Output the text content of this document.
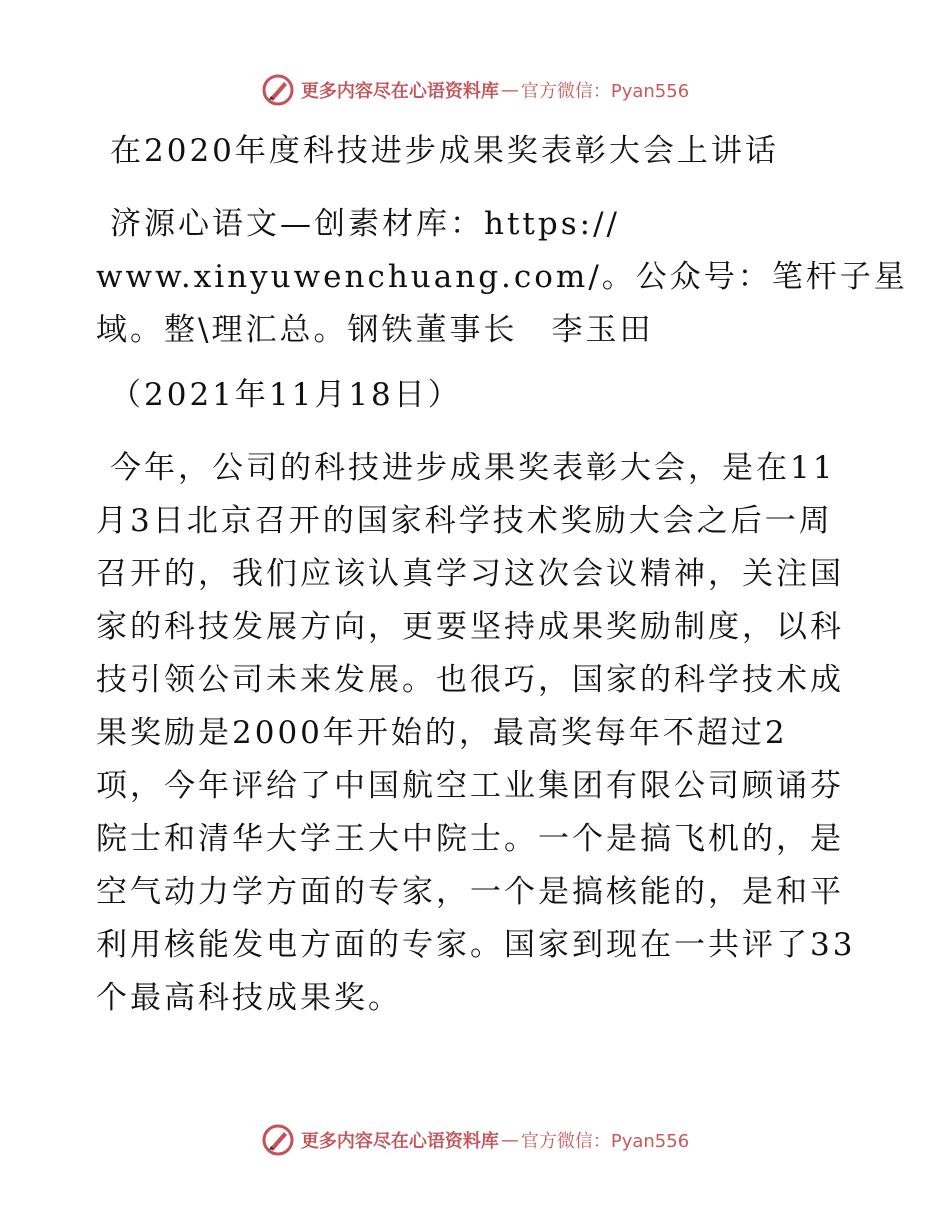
更多内容尽在心语资料库 — 官方微信：Pyan556
在2020年度科技进步成果奖表彰大会上讲话
济源心语文—创素材库：https://
www.xinyuwenchuang.com/。公众号：笔杆子星
域。整\理汇总。钢铁董事长　李玉田
（2021年11月18日）
今年，公司的科技进步成果奖表彰大会，是在11
月3日北京召开的国家科学技术奖励大会之后一周
召开的，我们应该认真学习这次会议精神，关注国
家的科技发展方向，更要坚持成果奖励制度，以科
技引领公司未来发展。也很巧，国家的科学技术成
果奖励是2000年开始的，最高奖每年不超过2
项，今年评给了中国航空工业集团有限公司顾诵芬
院士和清华大学王大中院士。一个是搞飞机的，是
空气动力学方面的专家，一个是搞核能的，是和平
利用核能发电方面的专家。国家到现在一共评了33
个最高科技成果奖。
更多内容尽在心语资料库 — 官方微信：Pyan556
